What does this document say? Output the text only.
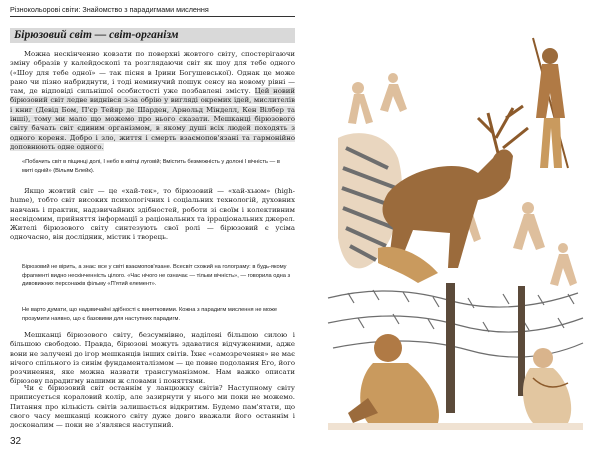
Різнокольорові світи: Знайомство з парадигмами мислення
Бірюзовий світ — світ-організм

Можна нескінченно ковзати по поверхні жовтого світу, спостерігаючи зміну образів у калейдоскопі та розглядаючи світ як шоу для тебе одного («Шоу для тебе одної» — так пісня в Ірини Богушевської). Однак це може рано чи пізно набриднути, і тоді неминучий пошук сенсу на новому рівні — там, де відповіді сильнішої особистості уже позбавлені змісту. Цей новий бірюзовий світ ледве виднівся з-за обрію у вигляді окремих ідей, мислителів і книг (Девід Бом, П'єр Тейяр де Шарден, Арнольд Мінделл, Кен Вілбер та інші), тому ми мало що можемо про нього сказати. Мешканці бірюзового світу бачать світ єдиним організмом, в якому душі всіх людей походять з одного кореня. Добро і зло, життя і смерть взаємопов'язані та гармонійно доповнюють одне одного.

«Побачить світ в піщинці долі, І небо в квітці луговій; Вмістить безмежність у долоні І вічність — в миті одній» (Вільям Блейк).

Якщо жовтий світ — це «хай-тек», то бірюзовий — «хай-хьюм» (high-hume), тобто світ високих психологічних і соціальних технологій, духовних навчань і практик, надзвичайних здібностей, роботи зі своїм і колективним несвідомим, прийняття інформації з раціональних та ірраціональних джерел. Жителі бірюзового світу синтезують свої ролі — бірюзовий є усіма одночасно, він дослідник, містик і творець.

Бірюзовий не вірить, а знає: все у світі взаємопов'язане. Всесвіт схожий на голограму: в будь-якому фрагменті видно нескінченність цілого. «Час нічого не означає — тільки вічність», — говорила одна з дивовижних персонажів фільму «П'ятий елемент».

Не варто думати, що надзвичайні здібності є винятковими. Кожна з парадигм мислення не може прозумити наявно, що є базовими для наступних парадигм.

Мешканці бірюзового світу, безсумнівно, наділені більшою силою і більшою свободою. Правда, бірюзові можуть здаватися відчуженими, адже вони не залучені до ігор мешканців інших світів. Їхнє «самозречення» не має нічого спільного із синім фундаменталізмом — це повне подолання Его, його розчинення, яке можна назвати трансгуманізмом. Нам важко описати бірюзову парадигму нашими ж словами і поняттями.

Чи є бірюзовий світ останнім у ланцюжку світів? Наступному світу приписується кораловий колір, але зазирнути у нього ми поки не можемо. Питання про кількість світів залишається відкритим. Будемо пам'ятати, що свого часу мешканці кожного світу дуже довго вважали його останнім і досконалим — поки не з'являвся наступний.

32
